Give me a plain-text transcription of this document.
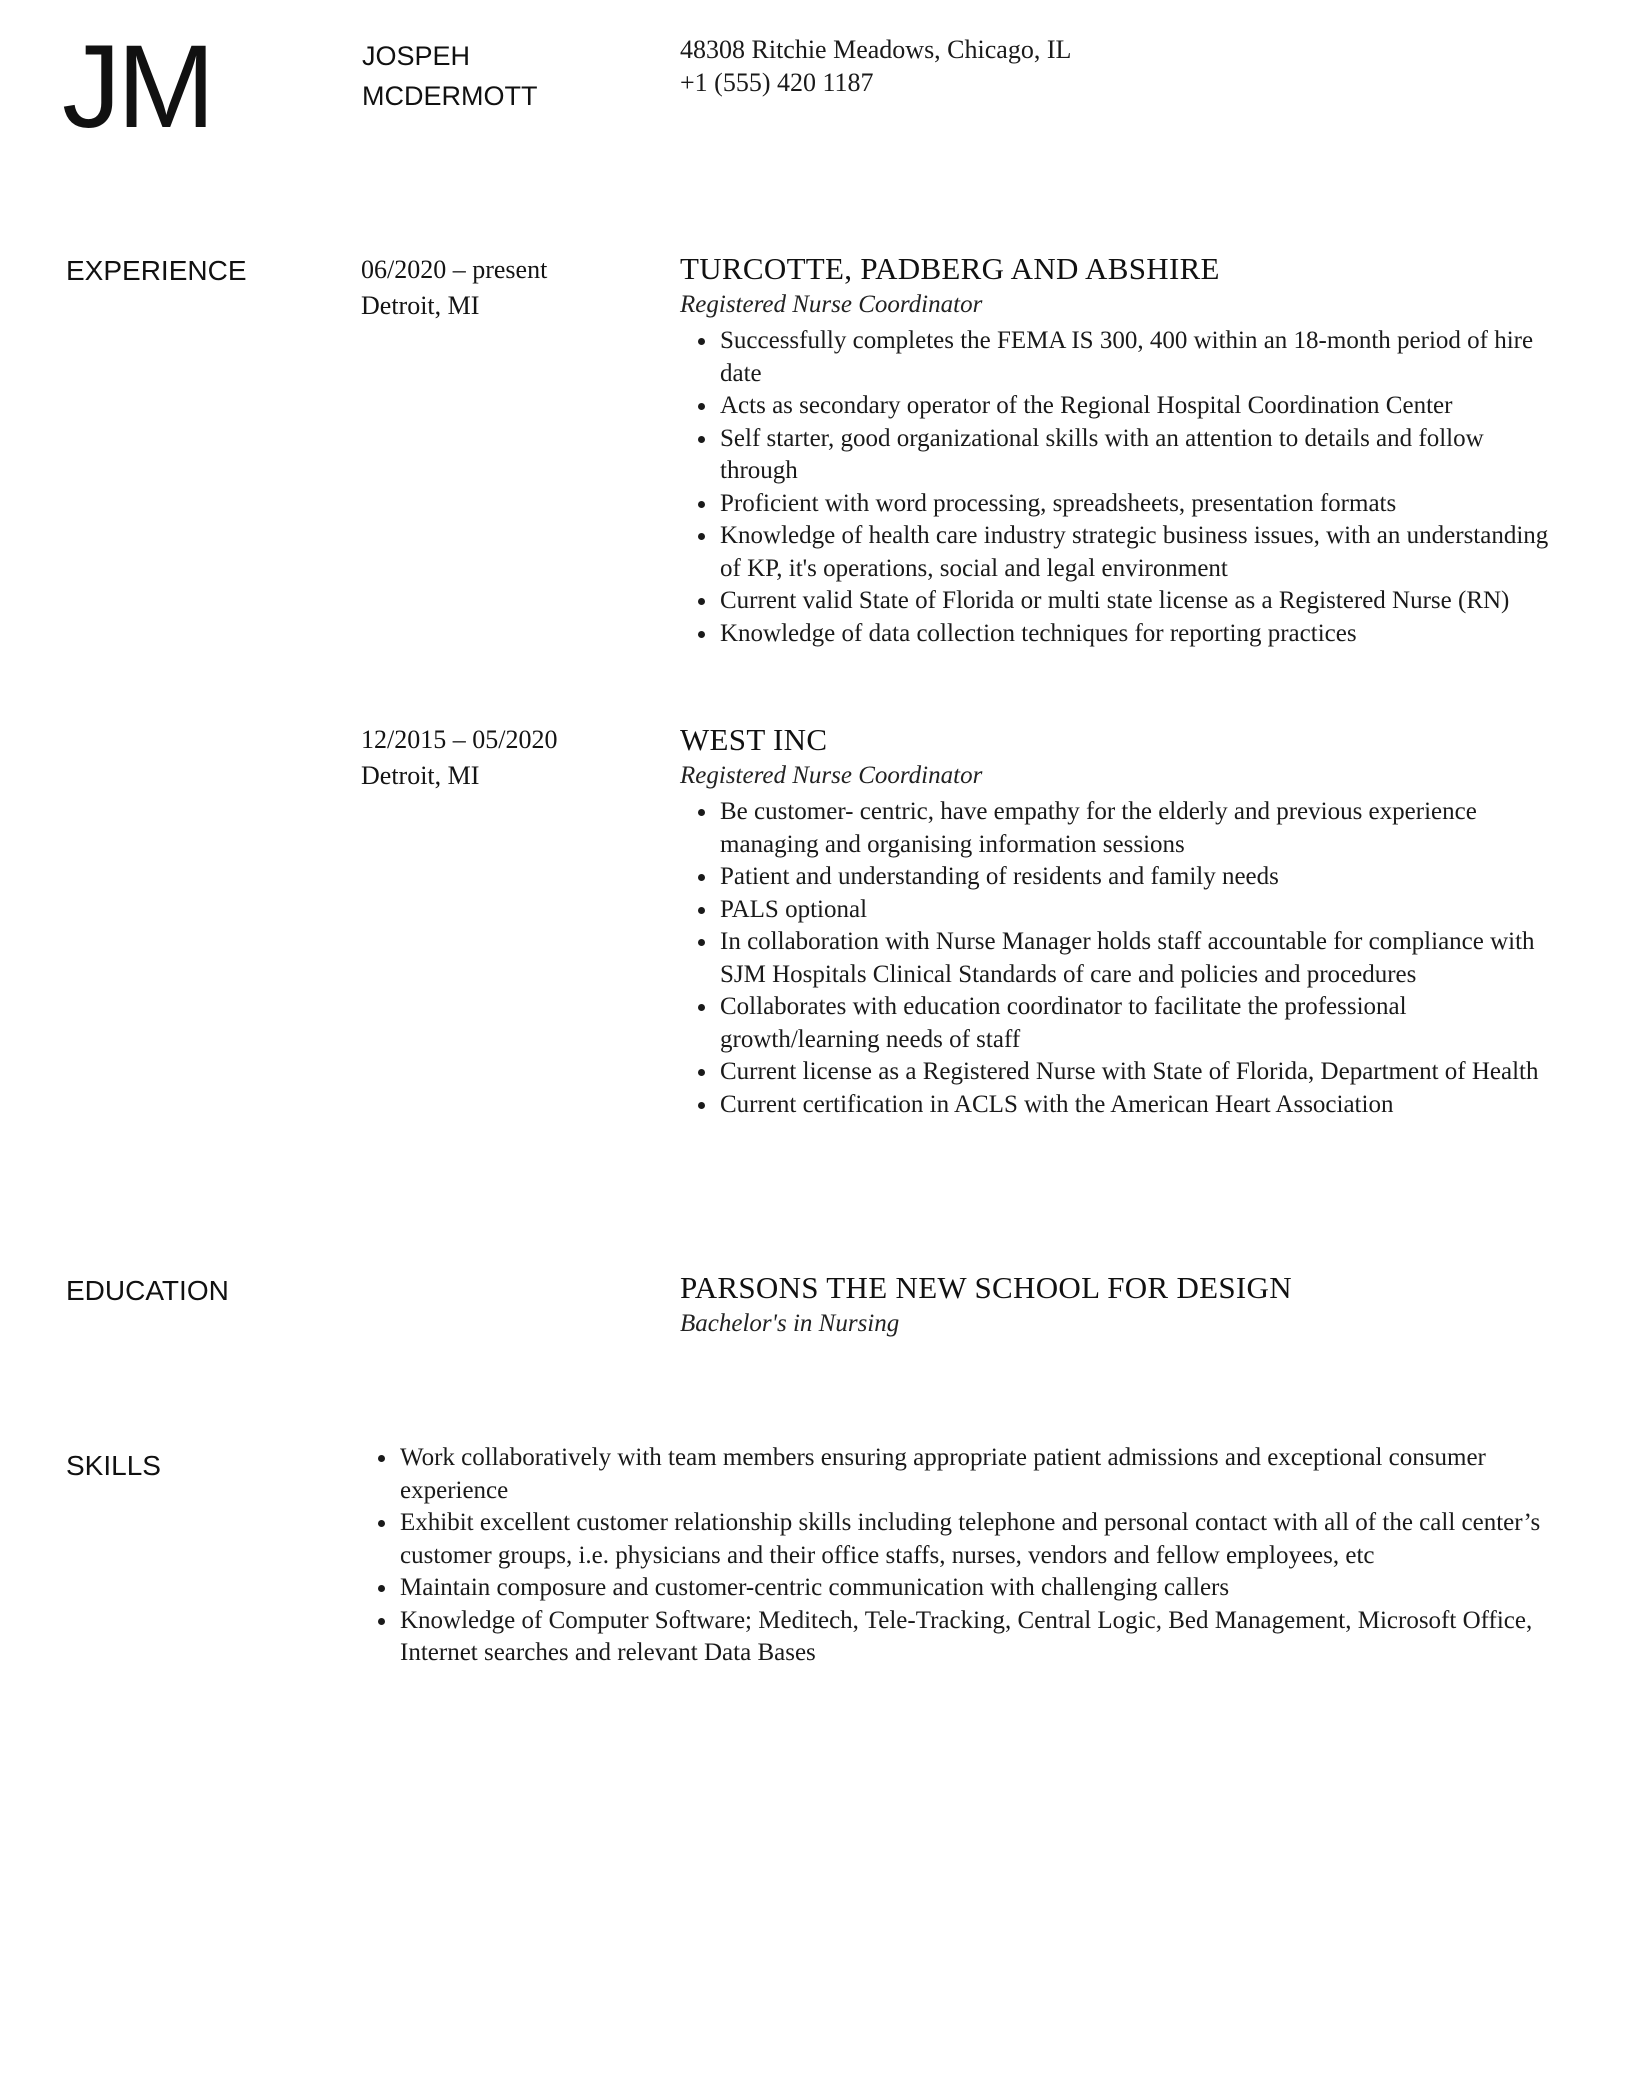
JM	JOSPEH
MCDERMOTT
48308 Ritchie Meadows, Chicago, IL
+1 (555) 420 1187
EXPERIENCE	06/2020 – present
Detroit, MI
TURCOTTE, PADBERG AND ABSHIRE
Registered Nurse Coordinator
Successfully completes the FEMA IS 300, 400 within an 18-month period of hire date
Acts as secondary operator of the Regional Hospital Coordination Center
Self starter, good organizational skills with an attention to details and follow through
Proficient with word processing, spreadsheets, presentation formats
Knowledge of health care industry strategic business issues, with an understanding of KP, it's operations, social and legal environment
Current valid State of Florida or multi state license as a Registered Nurse (RN)
Knowledge of data collection techniques for reporting practices
12/2015 – 05/2020
Detroit, MI
WEST INC
Registered Nurse Coordinator
Be customer- centric, have empathy for the elderly and previous experience managing and organising information sessions
Patient and understanding of residents and family needs
PALS optional
In collaboration with Nurse Manager holds staff accountable for compliance with SJM Hospitals Clinical Standards of care and policies and procedures
Collaborates with education coordinator to facilitate the professional growth/learning needs of staff
Current license as a Registered Nurse with State of Florida, Department of Health
Current certification in ACLS with the American Heart Association
EDUCATION	PARSONS THE NEW SCHOOL FOR DESIGN
Bachelor's in Nursing
SKILLS	Work collaboratively with team members ensuring appropriate patient admissions and exceptional consumer experience
Exhibit excellent customer relationship skills including telephone and personal contact with all of the call center’s customer groups, i.e. physicians and their office staffs, nurses, vendors and fellow employees, etc
Maintain composure and customer-centric communication with challenging callers
Knowledge of Computer Software; Meditech, Tele-Tracking, Central Logic, Bed Management, Microsoft Office, Internet searches and relevant Data Bases
